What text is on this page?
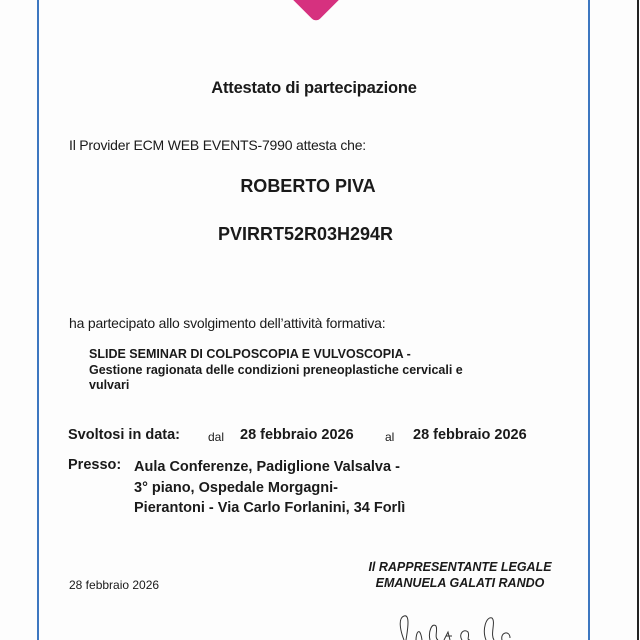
Attestato di partecipazione
Il Provider ECM WEB EVENTS-7990 attesta che:
ROBERTO PIVA
PVIRRT52R03H294R
ha partecipato allo svolgimento dell’attività formativa:
SLIDE SEMINAR DI COLPOSCOPIA E VULVOSCOPIA -
Gestione ragionata delle condizioni preneoplastiche cervicali e
vulvari
Svoltosi in data: dal 28 febbraio 2026	al 28 febbraio 2026
Presso: Aula Conferenze, Padiglione Valsalva -
3° piano, Ospedale Morgagni-
Pierantoni - Via Carlo Forlanini, 34 Forlì
28 febbraio 2026
Il RAPPRESENTANTE LEGALE
EMANUELA GALATI RANDO
